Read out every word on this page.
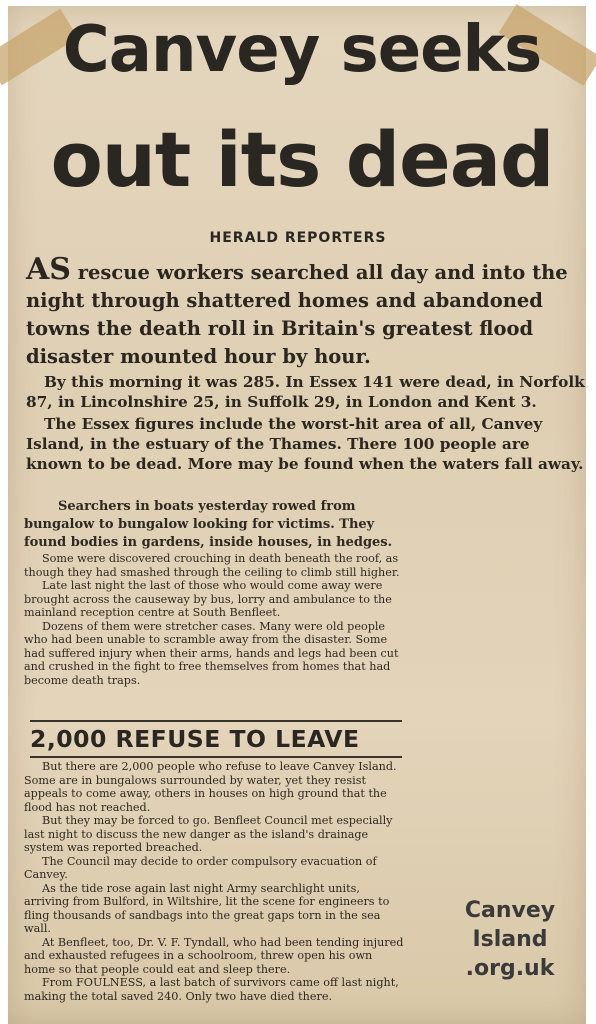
Canvey seeks
out its dead

HERALD REPORTERS

AS rescue workers searched all day and into the night through shattered homes and abandoned towns the death roll in Britain's greatest flood disaster mounted hour by hour.

By this morning it was 285. In Essex 141 were dead, in Norfolk 87, in Lincolnshire 25, in Suffolk 29, in London and Kent 3.

The Essex figures include the worst-hit area of all, Canvey Island, in the estuary of the Thames. There 100 people are known to be dead. More may be found when the waters fall away.

Searchers in boats yesterday rowed from bungalow to bungalow looking for victims. They found bodies in gardens, inside houses, in hedges.

Some were discovered crouching in death beneath the roof, as though they had smashed through the ceiling to climb still higher.

Late last night the last of those who would come away were brought across the causeway by bus, lorry and ambulance to the mainland reception centre at South Benfleet.

Dozens of them were stretcher cases. Many were old people who had been unable to scramble away from the disaster. Some had suffered injury when their arms, hands and legs had been cut and crushed in the fight to free themselves from homes that had become death traps.

2,000 REFUSE TO LEAVE

But there are 2,000 people who refuse to leave Canvey Island. Some are in bungalows surrounded by water, yet they resist appeals to come away, others in houses on high ground that the flood has not reached.

But they may be forced to go. Benfleet Council met especially last night to discuss the new danger as the island's drainage system was reported breached.

The Council may decide to order compulsory evacuation of Canvey.

As the tide rose again last night Army searchlight units, arriving from Bulford, in Wiltshire, lit the scene for engineers to fling thousands of sandbags into the great gaps torn in the sea wall.

At Benfleet, too, Dr. V. F. Tyndall, who had been tending injured and exhausted refugees in a schoolroom, threw open his own home so that people could eat and sleep there.

From FOULNESS, a last batch of survivors came off last night, making the total saved 240. Only two have died there.

Canvey
Island
.org.uk
